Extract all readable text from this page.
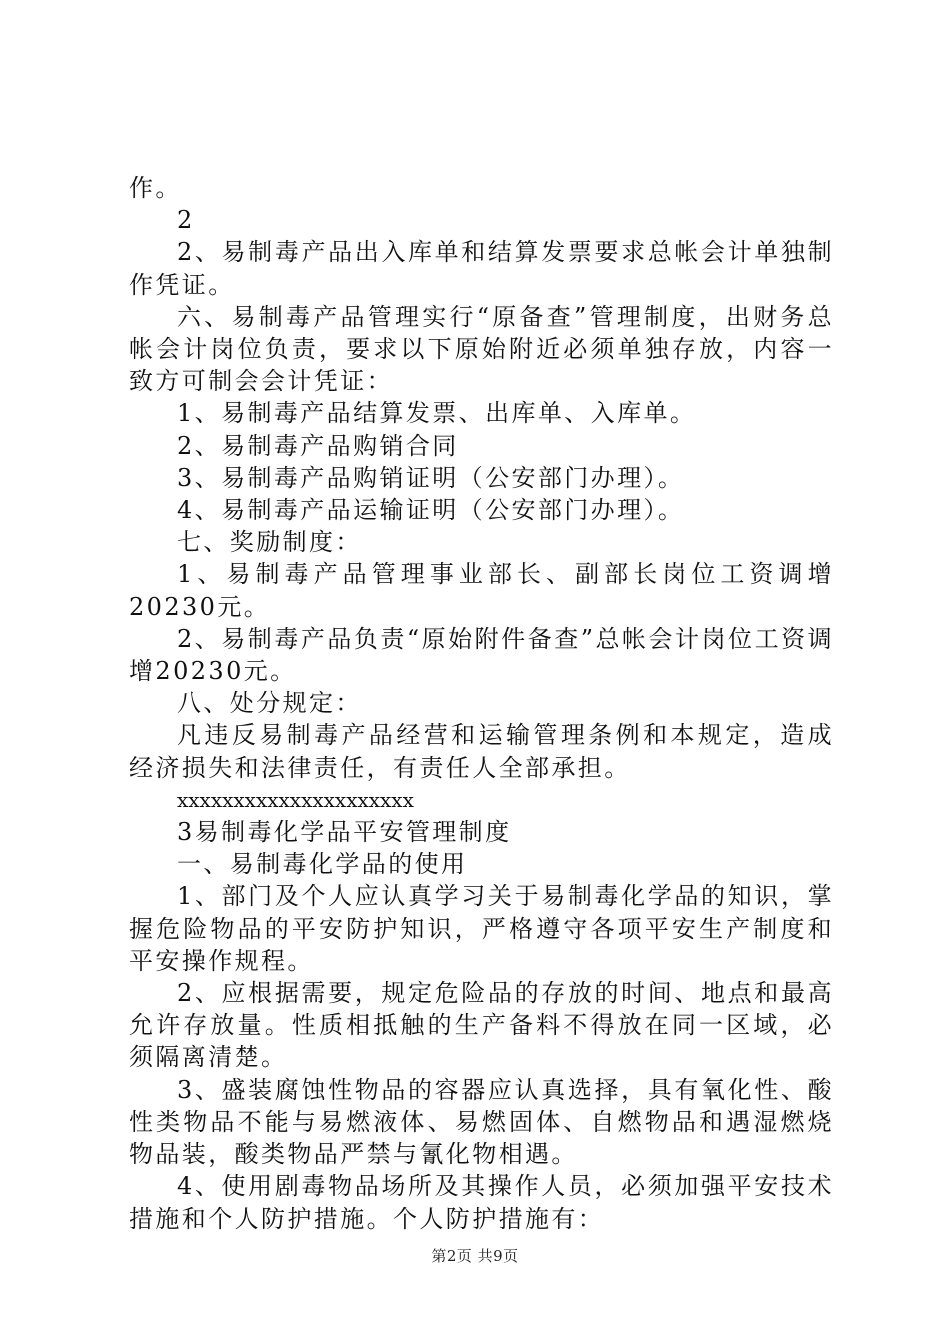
作。

2

2、易制毒产品出入库单和结算发票要求总帐会计单独制作凭证。

六、易制毒产品管理实行“原备查”管理制度，出财务总帐会计岗位负责，要求以下原始附近必须单独存放，内容一致方可制会会计凭证：

1、易制毒产品结算发票、出库单、入库单。

2、易制毒产品购销合同

3、易制毒产品购销证明（公安部门办理）。

4、易制毒产品运输证明（公安部门办理）。

七、奖励制度：

1、易制毒产品管理事业部长、副部长岗位工资调增20230元。

2、易制毒产品负责“原始附件备查”总帐会计岗位工资调增20230元。

八、处分规定：

凡违反易制毒产品经营和运输管理条例和本规定，造成经济损失和法律责任，有责任人全部承担。

xxxxxxxxxxxxxxxxxxxxx

3易制毒化学品平安管理制度

一、易制毒化学品的使用

1、部门及个人应认真学习关于易制毒化学品的知识，掌握危险物品的平安防护知识，严格遵守各项平安生产制度和平安操作规程。

2、应根据需要，规定危险品的存放的时间、地点和最高允许存放量。性质相抵触的生产备料不得放在同一区域，必须隔离清楚。

3、盛装腐蚀性物品的容器应认真选择，具有氧化性、酸性类物品不能与易燃液体、易燃固体、自燃物品和遇湿燃烧物品装，酸类物品严禁与氰化物相遇。

4、使用剧毒物品场所及其操作人员，必须加强平安技术措施和个人防护措施。个人防护措施有：

第2页 共9页
